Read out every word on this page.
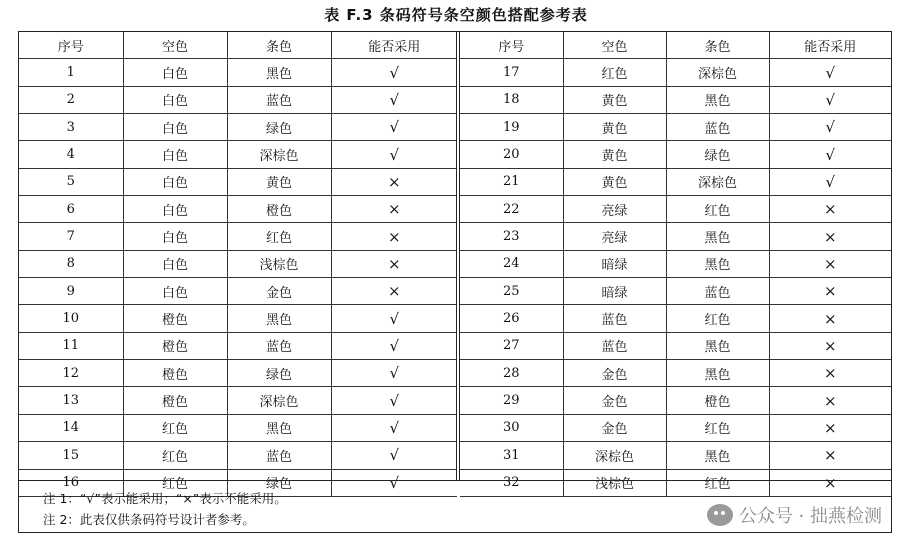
表 F.3 条码符号条空颜色搭配参考表
序号	空色	条色	能否采用
1	白色	黑色	√
2	白色	蓝色	√
3	白色	绿色	√
4	白色	深棕色	√
5	白色	黄色	×
6	白色	橙色	×
7	白色	红色	×
8	白色	浅棕色	×
9	白色	金色	×
10	橙色	黑色	√
11	橙色	蓝色	√
12	橙色	绿色	√
13	橙色	深棕色	√
14	红色	黑色	√
15	红色	蓝色	√
16	红色	绿色	√
序号	空色	条色	能否采用
17	红色	深棕色	√
18	黄色	黑色	√
19	黄色	蓝色	√
20	黄色	绿色	√
21	黄色	深棕色	√
22	亮绿	红色	×
23	亮绿	黑色	×
24	暗绿	黑色	×
25	暗绿	蓝色	×
26	蓝色	红色	×
27	蓝色	黑色	×
28	金色	黑色	×
29	金色	橙色	×
30	金色	红色	×
31	深棕色	黑色	×
32	浅棕色	红色	×
注 1：“√”表示能采用；“×”表示不能采用。
注 2：此表仅供条码符号设计者参考。	公众号 · 拙燕检测
